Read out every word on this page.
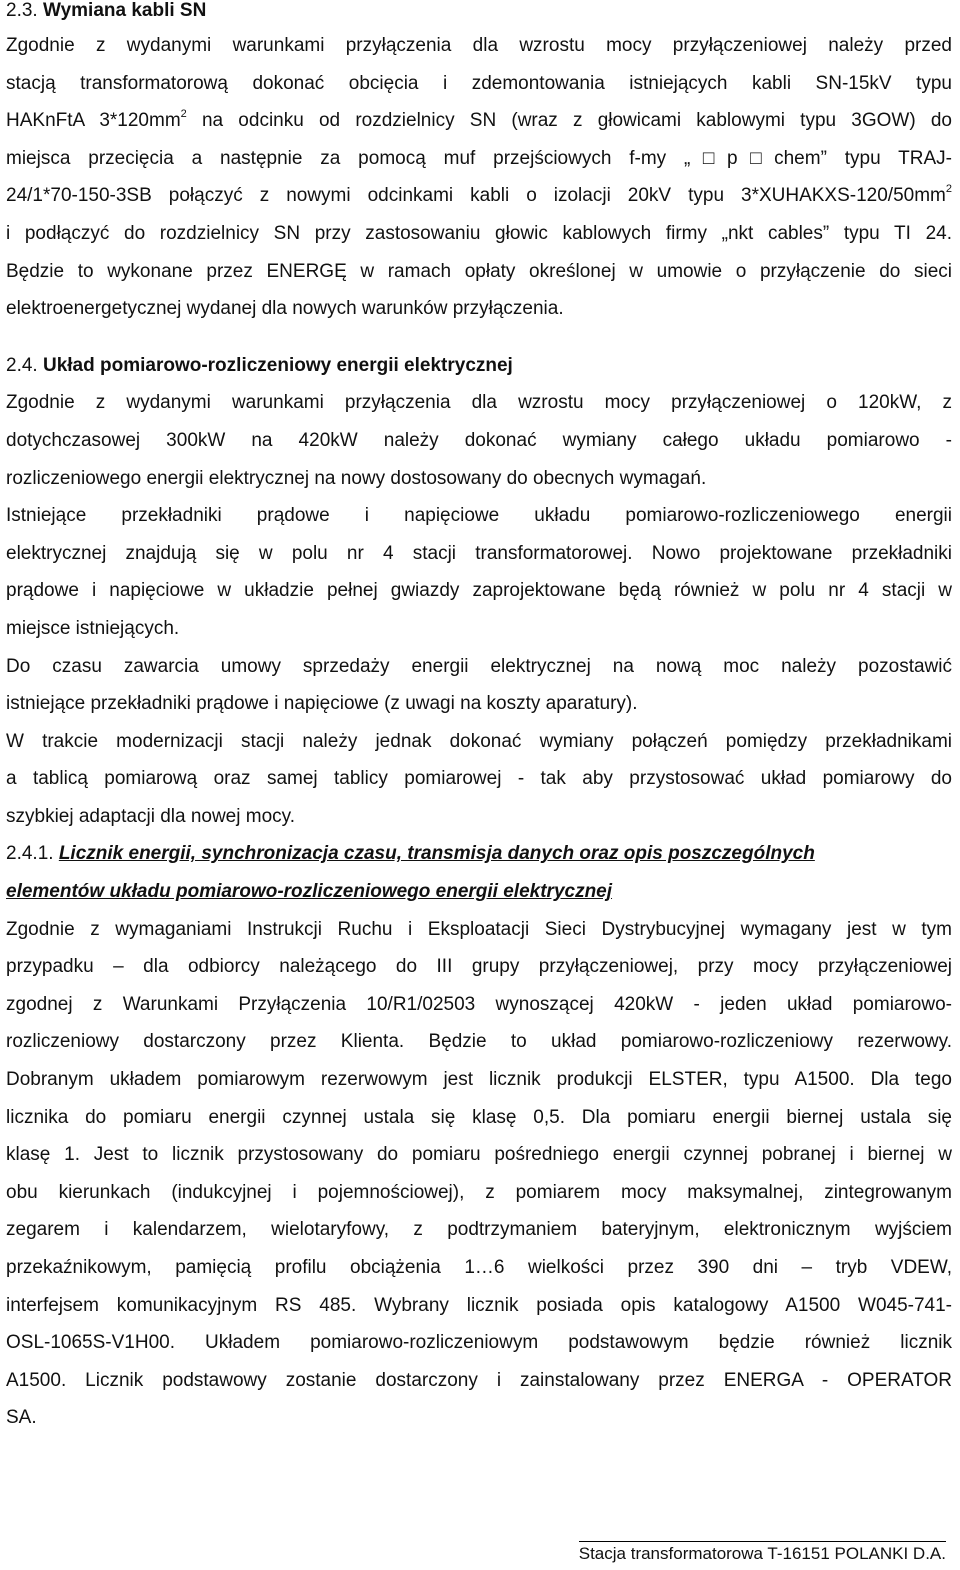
2.3. Wymiana kabli SN
Zgodnie z wydanymi warunkami przyłączenia dla wzrostu mocy przyłączeniowej należy przed
stacją transformatorową dokonać obcięcia i zdemontowania istniejących kabli SN-15kV typu
HAKnFtA $3*120mm^2$ na odcinku od rozdzielnicy SN (wraz z głowicami kablowymi typu 3GOW) do
miejsca przecięcia a następnie za pomocą muf przejściowych f-my „□p□chem” typu TRAJ-
24/1*70-150-3SB połączyć z nowymi odcinkami kabli o izolacji 20kV typu $3*XUHAKXS-120/50mm^2$
i podłączyć do rozdzielnicy SN przy zastosowaniu głowic kablowych firmy „nkt cables” typu TI 24.
Będzie to wykonane przez ENERGĘ w ramach opłaty określonej w umowie o przyłączenie do sieci
elektroenergetycznej wydanej dla nowych warunków przyłączenia.
2.4. Układ pomiarowo-rozliczeniowy energii elektrycznej
Zgodnie z wydanymi warunkami przyłączenia dla wzrostu mocy przyłączeniowej o 120kW, z
dotychczasowej 300kW na 420kW należy dokonać wymiany całego układu pomiarowo -
rozliczeniowego energii elektrycznej na nowy dostosowany do obecnych wymagań.
Istniejące przekładniki prądowe i napięciowe układu pomiarowo-rozliczeniowego energii
elektrycznej znajdują się w polu nr 4 stacji transformatorowej. Nowo projektowane przekładniki
prądowe i napięciowe w układzie pełnej gwiazdy zaprojektowane będą również w polu nr 4 stacji w
miejsce istniejących.
Do czasu zawarcia umowy sprzedaży energii elektrycznej na nową moc należy pozostawić
istniejące przekładniki prądowe i napięciowe (z uwagi na koszty aparatury).
W trakcie modernizacji stacji należy jednak dokonać wymiany połączeń pomiędzy przekładnikami
a tablicą pomiarową oraz samej tablicy pomiarowej - tak aby przystosować układ pomiarowy do
szybkiej adaptacji dla nowej mocy.
2.4.1. Licznik energii, synchronizacja czasu, transmisja danych oraz opis poszczególnych
elementów układu pomiarowo-rozliczeniowego energii elektrycznej
Zgodnie z wymaganiami Instrukcji Ruchu i Eksploatacji Sieci Dystrybucyjnej wymagany jest w tym
przypadku – dla odbiorcy należącego do III grupy przyłączeniowej, przy mocy przyłączeniowej
zgodnej z Warunkami Przyłączenia 10/R1/02503 wynoszącej 420kW - jeden układ pomiarowo-
rozliczeniowy dostarczony przez Klienta. Będzie to układ pomiarowo-rozliczeniowy rezerwowy.
Dobranym układem pomiarowym rezerwowym jest licznik produkcji ELSTER, typu A1500. Dla tego
licznika do pomiaru energii czynnej ustala się klasę 0,5. Dla pomiaru energii biernej ustala się
klasę 1. Jest to licznik przystosowany do pomiaru pośredniego energii czynnej pobranej i biernej w
obu kierunkach (indukcyjnej i pojemnościowej), z pomiarem mocy maksymalnej, zintegrowanym
zegarem i kalendarzem, wielotaryfowy, z podtrzymaniem bateryjnym, elektronicznym wyjściem
przekaźnikowym, pamięcią profilu obciążenia 1…6 wielkości przez 390 dni – tryb VDEW,
interfejsem komunikacyjnym RS 485. Wybrany licznik posiada opis katalogowy A1500 W045-741-
OSL-1065S-V1H00. Układem pomiarowo-rozliczeniowym podstawowym będzie również licznik
A1500. Licznik podstawowy zostanie dostarczony i zainstalowany przez ENERGA - OPERATOR
SA.
Stacja transformatorowa T-16151 POLANKI D.A.
